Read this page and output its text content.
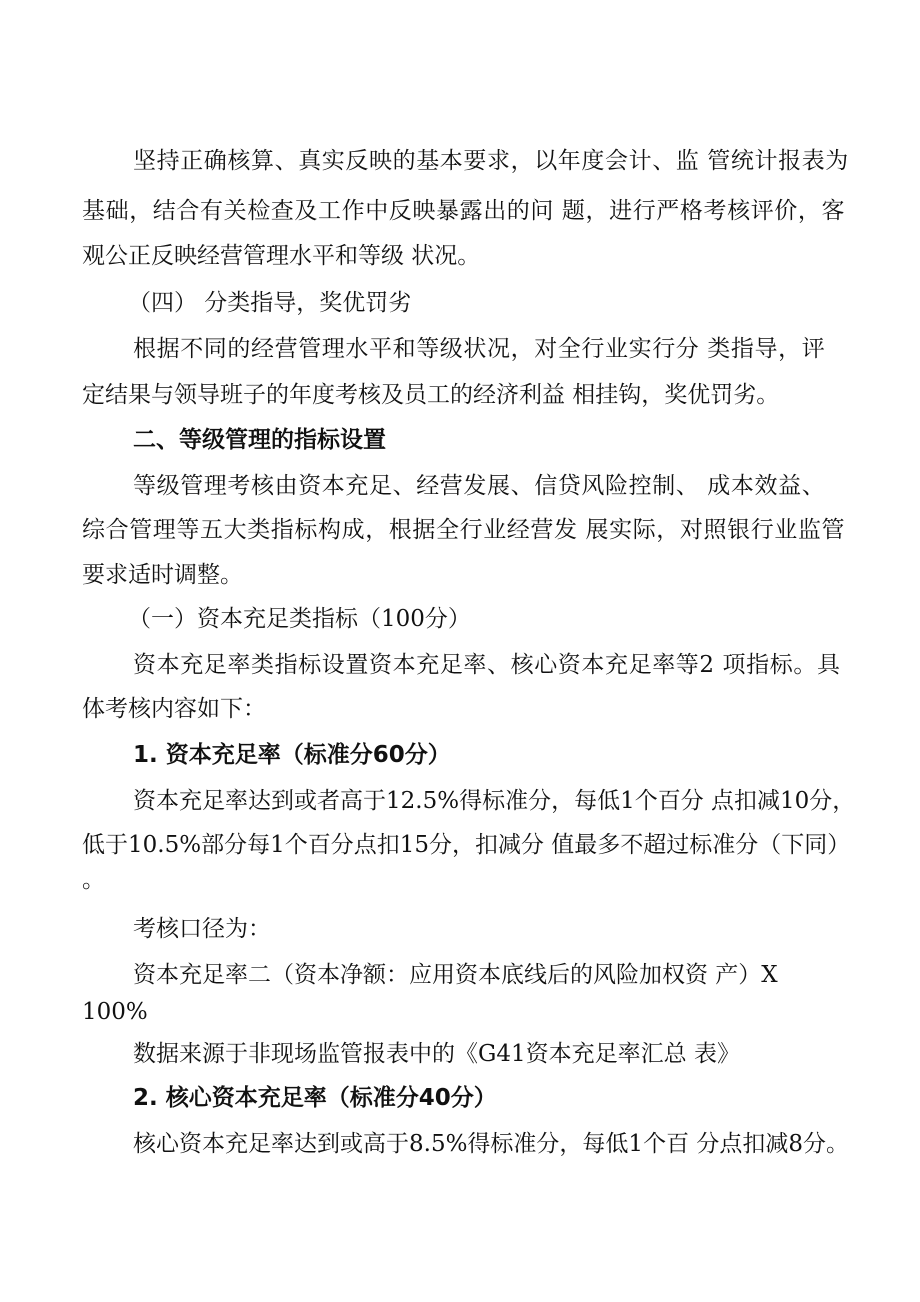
坚持正确核算、真实反映的基本要求，以年度会计、监 管统计报表为

基础，结合有关检查及工作中反映暴露出的问 题，进行严格考核评价，客

观公正反映经营管理水平和等级 状况。

（四） 分类指导，奖优罚劣

根据不同的经营管理水平和等级状况，对全行业实行分 类指导，评

定结果与领导班子的年度考核及员工的经济利益 相挂钩，奖优罚劣。

二、等级管理的指标设置

等级管理考核由资本充足、经营发展、信贷风险控制、 成本效益、

综合管理等五大类指标构成，根据全行业经营发 展实际，对照银行业监管

要求适时调整。

（一）资本充足类指标（100分）

资本充足率类指标设置资本充足率、核心资本充足率等2 项指标。具

体考核内容如下：

1. 资本充足率（标准分60分）

资本充足率达到或者高于12.5%得标准分，每低1个百分 点扣减10分，

低于10.5%部分每1个百分点扣15分，扣减分 值最多不超过标准分（下同）

。

考核口径为：

资本充足率二（资本净额：应用资本底线后的风险加权资 产）X

100%

数据来源于非现场监管报表中的《G41资本充足率汇总 表》

2. 核心资本充足率（标准分40分）

核心资本充足率达到或高于8.5%得标准分，每低1个百 分点扣减8分。
